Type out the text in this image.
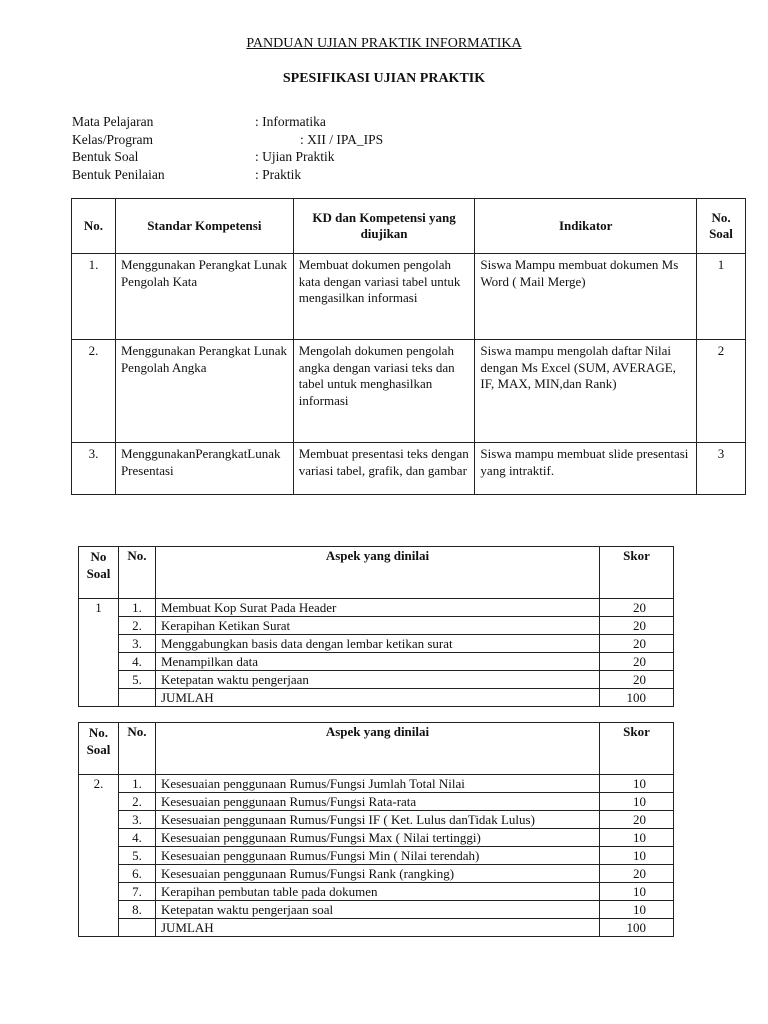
PANDUAN UJIAN PRAKTIK INFORMATIKA
SPESIFIKASI UJIAN PRAKTIK
Mata Pelajaran	: Informatika
Kelas/Program	: XII / IPA_IPS
Bentuk Soal	: Ujian Praktik
Bentuk Penilaian	: Praktik
No.	Standar Kompetensi	KD dan Kompetensi yang diujikan	Indikator	No. Soal
1.	Menggunakan Perangkat Lunak Pengolah Kata	Membuat dokumen pengolah kata dengan variasi tabel untuk mengasilkan informasi	Siswa Mampu membuat dokumen Ms Word ( Mail Merge)	1
2.	Menggunakan Perangkat Lunak Pengolah Angka	Mengolah dokumen pengolah angka dengan variasi teks dan tabel untuk menghasilkan informasi	Siswa mampu mengolah daftar Nilai dengan Ms Excel (SUM, AVERAGE, IF, MAX, MIN,dan Rank)	2
3.	MenggunakanPerangkatLunakPresentasi	Membuat presentasi teks dengan variasi tabel, grafik, dan gambar	Siswa mampu membuat slide presentasi yang intraktif.	3
No Soal	No.	Aspek yang dinilai	Skor
1	1.	Membuat Kop Surat Pada Header	20
	2.	Kerapihan Ketikan Surat	20
	3.	Menggabungkan basis data dengan lembar ketikan surat	20
	4.	Menampilkan data	20
	5.	Ketepatan waktu pengerjaan	20
		JUMLAH	100
No. Soal	No.	Aspek yang dinilai	Skor
2.	1.	Kesesuaian penggunaan Rumus/Fungsi Jumlah Total Nilai	10
	2.	Kesesuaian penggunaan Rumus/Fungsi Rata-rata	10
	3.	Kesesuaian penggunaan Rumus/Fungsi IF ( Ket. Lulus danTidak Lulus)	20
	4.	Kesesuaian penggunaan Rumus/Fungsi Max ( Nilai tertinggi)	10
	5.	Kesesuaian penggunaan Rumus/Fungsi Min ( Nilai terendah)	10
	6.	Kesesuaian penggunaan Rumus/Fungsi Rank (rangking)	20
	7.	Kerapihan pembutan table pada dokumen	10
	8.	Ketepatan waktu pengerjaan soal	10
		JUMLAH	100
